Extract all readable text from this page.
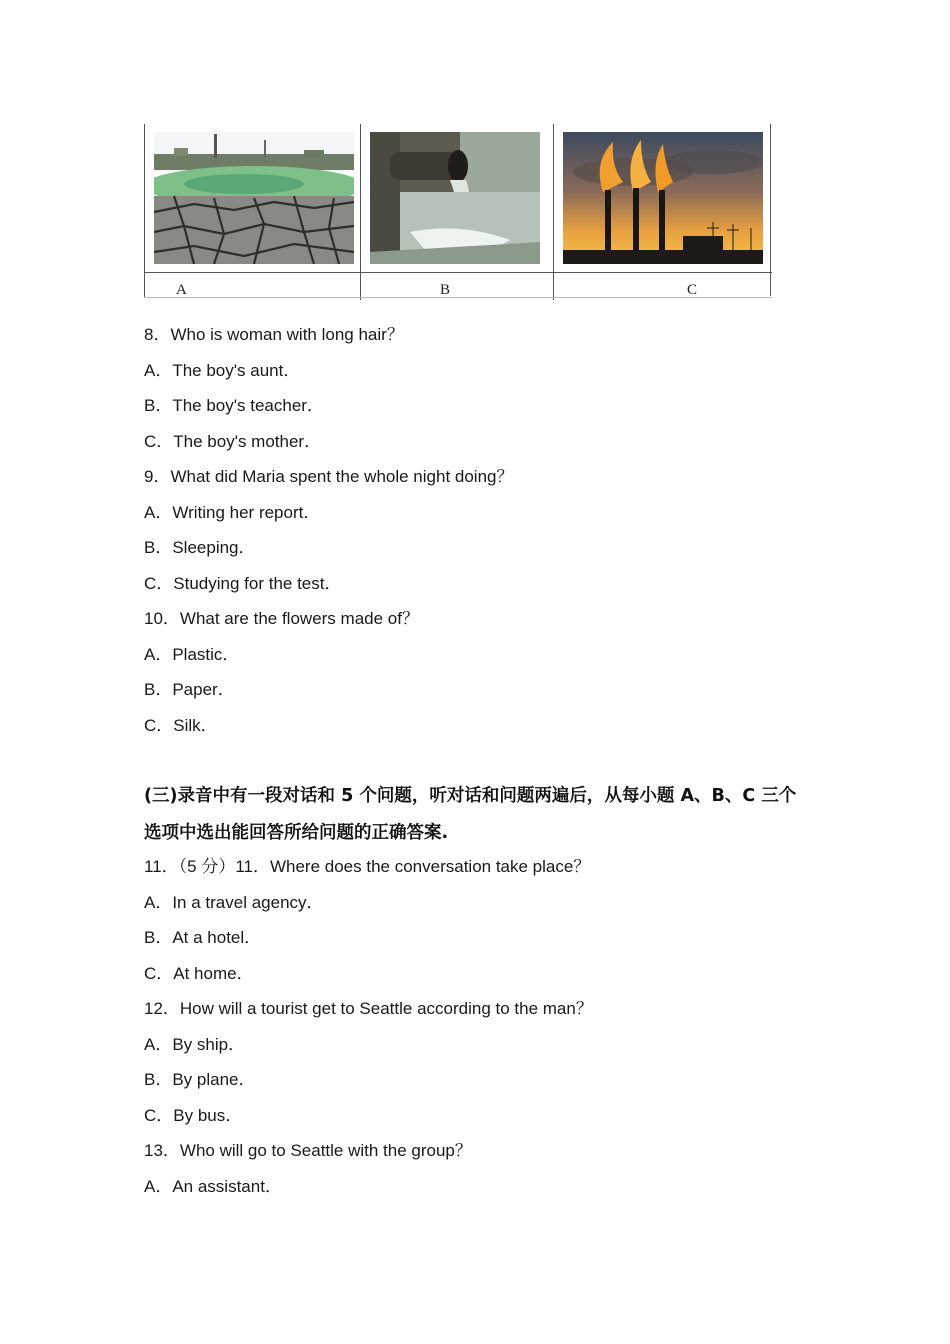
A	B	C
8．Who is woman with long hair？
A．The boy's aunt．
B．The boy's teacher．
C．The boy's mother．
9．What did Maria spent the whole night doing？
A．Writing her report．
B．Sleeping．
C．Studying for the test．
10．What are the flowers made of？
A．Plastic．
B．Paper．
C．Silk．
(三)录音中有一段对话和 5 个问题，听对话和问题两遍后，从每小题 A、B、C 三个
选项中选出能回答所给问题的正确答案.
11．（5 分）11．Where does the conversation take place？
A．In a travel agency．
B．At a hotel．
C．At home．
12．How will a tourist get to Seattle according to the man？
A．By ship．
B．By plane．
C．By bus．
13．Who will go to Seattle with the group？
A．An assistant．
